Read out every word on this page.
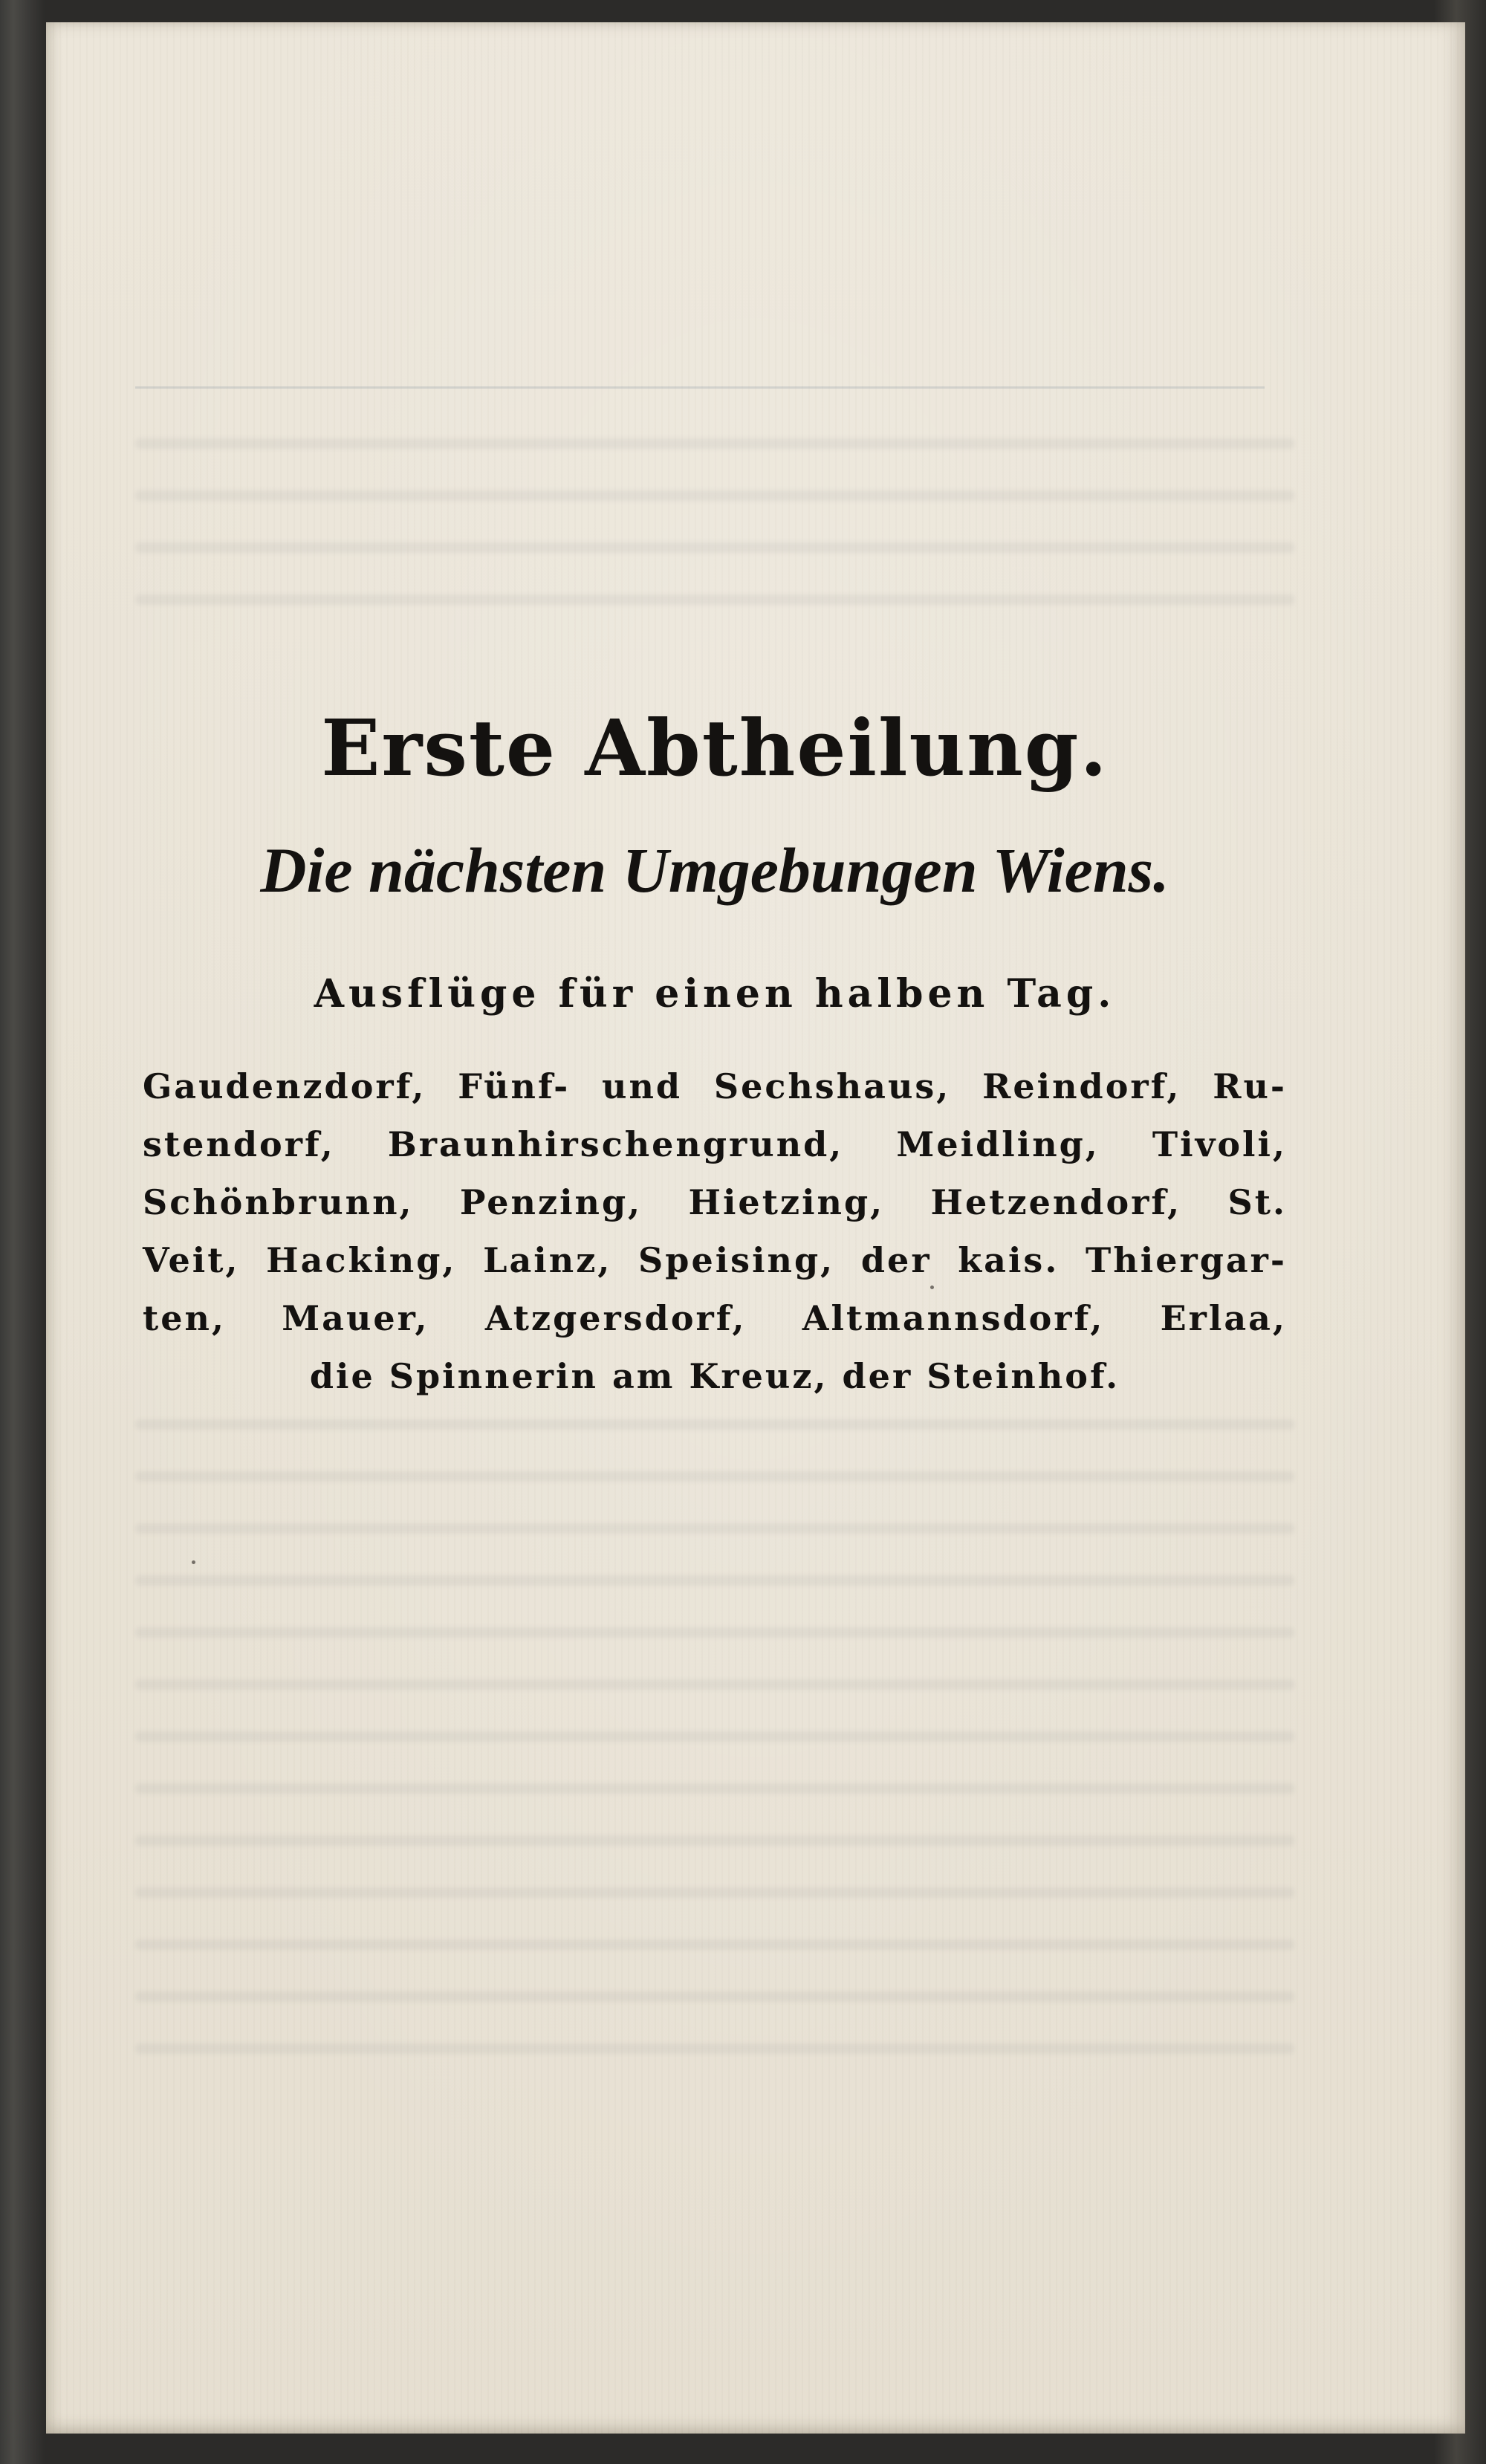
Erste Abtheilung.
Die nächsten Umgebungen Wiens.
Ausflüge für einen halben Tag.

Gaudenzdorf, Fünf- und Sechshaus, Reindorf, Ru-
stendorf, Braunhirschengrund, Meidling, Tivoli,
Schönbrunn, Penzing, Hietzing, Hetzendorf, St.
Veit, Hacking, Lainz, Speising, der kais. Thiergar-
ten, Mauer, Atzgersdorf, Altmannsdorf, Erlaa,
die Spinnerin am Kreuz, der Steinhof.
